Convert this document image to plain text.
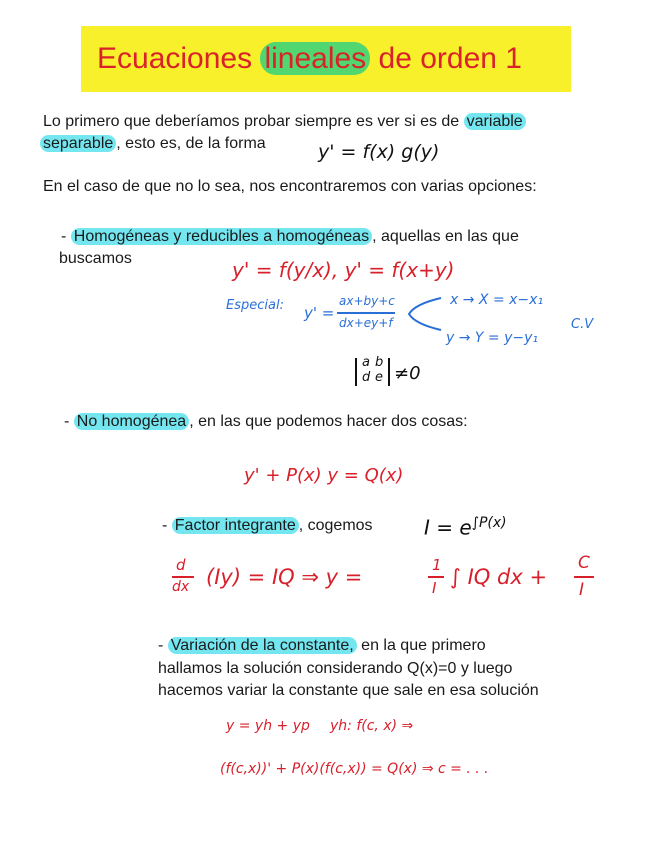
Ecuaciones lineales de orden 1
Lo primero que deberíamos probar siempre es ver si es de variable
separable , esto es, de la forma	y' = f(x) g(y)
En el caso de que no lo sea, nos encontraremos con varias opciones:
- Homogéneas y reducibles a homogéneas , aquellas en las que
buscamos	y' = f(y/x), y' = f(x+y)
Especial: y' =
ax+by+c
dx+ey+f
x → X = x−x₁
y → Y = y−y₁
C.V
a b
d e ≠0
- No homogénea , en las que podemos hacer dos cosas:
y' + P(x) y = Q(x)
- Factor integrante , cogemos	$I = e^{\int P(x)}$
d
dx (Iy) = IQ ⇒ y =	1
I ∫ IQ dx +
C
I
- Variación de la constante, en la que primero
hallamos la solución considerando Q(x)=0 y luego
hacemos variar la constante que sale en esa solución
y = yh + yp yh: f(c, x) ⇒
(f(c,x))' + P(x)(f(c,x)) = Q(x) ⇒ c = . . .
